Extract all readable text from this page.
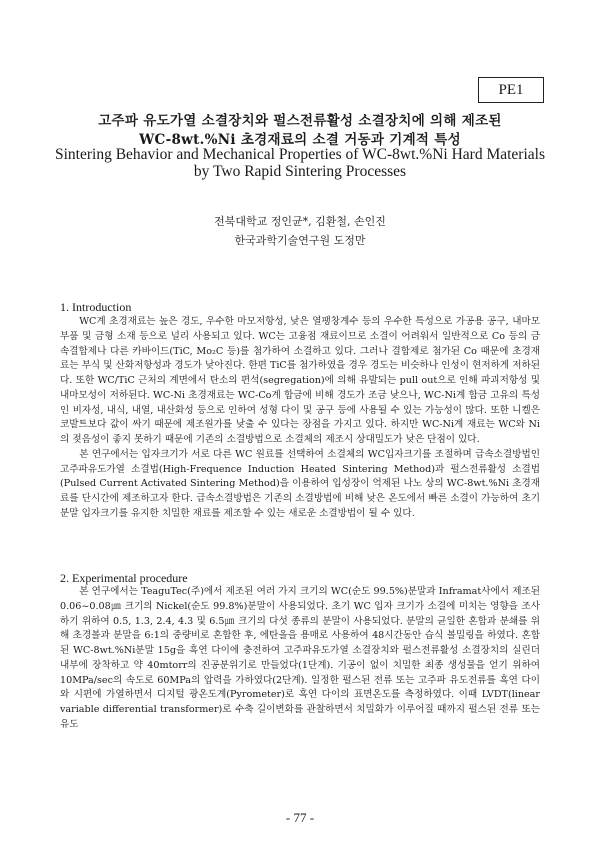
PE1
고주파 유도가열 소결장치와 펄스전류활성 소결장치에 의해 제조된
WC-8wt.%Ni 초경재료의 소결 거동과 기계적 특성
Sintering Behavior and Mechanical Properties of WC-8wt.%Ni Hard Materials
by Two Rapid Sintering Processes
전북대학교 정인균*, 김환철, 손인진
한국과학기술연구원 도정만
1. Introduction

WC계 초경재료는 높은 경도, 우수한 마모저항성, 낮은 열팽창계수 등의 우수한 특성으로 가공용 공구, 내마모 부품 및 금형 소재 등으로 널리 사용되고 있다. WC는 고융점 재료이므로 소결이 어려워서 일반적으로 Co 등의 금속결합제나 다른 카바이드(TiC, Mo₂C 등)를 첨가하여 소결하고 있다. 그러나 결합제로 첨가된 Co 때문에 초경재료는 부식 및 산화저항성과 경도가 낮아진다. 한편 TiC를 첨가하였을 경우 경도는 비슷하나 인성이 현저하게 저하된다. 또한 WC/TiC 근처의 계면에서 탄소의 편석(segregation)에 의해 유발되는 pull out으로 인해 파괴저항성 및 내마모성이 저하된다. WC-Ni 초경재료는 WC-Co계 합금에 비해 경도가 조금 낮으나, WC-Ni계 합금 고유의 특성인 비자성, 내식, 내열, 내산화성 등으로 인하여 성형 다이 및 공구 등에 사용될 수 있는 가능성이 많다. 또한 니켈은 코발트보다 값이 싸기 때문에 제조원가를 낮출 수 있다는 장점을 가지고 있다. 하지만 WC-Ni계 재료는 WC와 Ni의 젖음성이 좋지 못하기 때문에 기존의 소결방법으로 소결체의 제조시 상대밀도가 낮은 단점이 있다.

본 연구에서는 입자크기가 서로 다른 WC 원료를 선택하여 소결체의 WC입자크기를 조절하며 급속소결방법인 고주파유도가열 소결법(High-Frequence Induction Heated Sintering Method)과 펄스전류활성 소결법(Pulsed Current Activated Sintering Method)을 이용하여 입성장이 억제된 나노 상의 WC-8wt.%Ni 초경재료를 단시간에 제조하고자 한다. 급속소결방법은 기존의 소결방법에 비해 낮은 온도에서 빠른 소결이 가능하여 초기 분말 입자크기를 유지한 치밀한 재료를 제조할 수 있는 새로운 소결방법이 될 수 있다.

2. Experimental procedure

본 연구에서는 TeaguTec(주)에서 제조된 여러 가지 크기의 WC(순도 99.5%)분말과 Inframat사에서 제조된 0.06~0.08㎛ 크기의 Nickel(순도 99.8%)분말이 사용되었다. 초기 WC 입자 크기가 소결에 미치는 영향을 조사하기 위하여 0.5, 1.3, 2.4, 4.3 및 6.5㎛ 크기의 다섯 종류의 분말이 사용되었다. 분말의 균일한 혼합과 분쇄를 위해 초경볼과 분말을 6:1의 중량비로 혼합한 후, 에탄올을 용매로 사용하여 48시간동안 습식 볼밀링을 하였다. 혼합된 WC-8wt.%Ni분말 15g을 흑연 다이에 충전하여 고주파유도가열 소결장치와 펄스전류활성 소결장치의 실린더 내부에 장착하고 약 40mtorr의 진공분위기로 만들었다(1단계). 기공이 없이 치밀한 최종 생성물을 얻기 위하여 10MPa/sec의 속도로 60MPa의 압력을 가하였다(2단계). 일정한 펄스된 전류 또는 고주파 유도전류를 흑연 다이와 시편에 가열하면서 디지털 광온도계(Pyrometer)로 흑연 다이의 표면온도를 측정하였다. 이때 LVDT(linear variable differential transformer)로 수축 길이변화를 관찰하면서 치밀화가 이루어질 때까지 펄스된 전류 또는 유도

- 77 -
